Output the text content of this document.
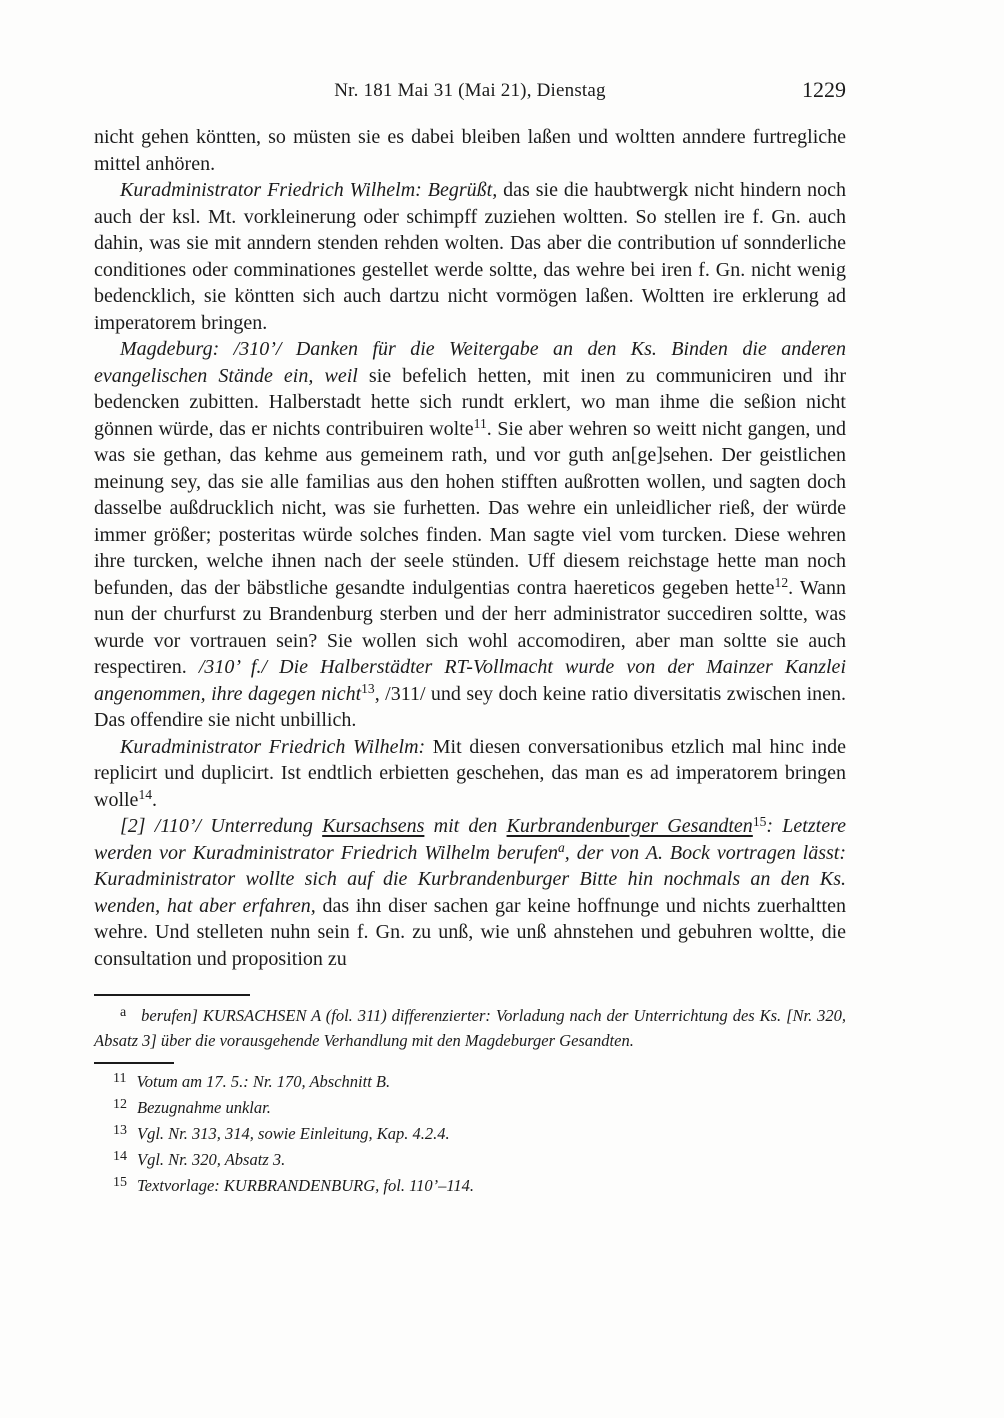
Nr. 181 Mai 31 (Mai 21), Dienstag	1229

nicht gehen köntten, so müsten sie es dabei bleiben laßen und woltten anndere furtregliche mittel anhören.

Kuradministrator Friedrich Wilhelm: Begrüßt, das sie die haubtwergk nicht hindern noch auch der ksl. Mt. vorkleinerung oder schimpff zuziehen woltten. So stellen ire f. Gn. auch dahin, was sie mit anndern stenden rehden wolten. Das aber die contribution uf sonnderliche conditiones oder comminationes gestellet werde soltte, das wehre bei iren f. Gn. nicht wenig bedencklich, sie köntten sich auch dartzu nicht vormögen laßen. Woltten ire erklerung ad imperatorem bringen.

Magdeburg: /310’/ Danken für die Weitergabe an den Ks. Binden die anderen evangelischen Stände ein, weil sie befelich hetten, mit inen zu communiciren und ihr bedencken zubitten. Halberstadt hette sich rundt erklert, wo man ihme die seßion nicht gönnen würde, das er nichts contribuiren wolte$^{11}$. Sie aber wehren so weitt nicht gangen, und was sie gethan, das kehme aus gemeinem rath, und vor guth an[ge]sehen. Der geistlichen meinung sey, das sie alle familias aus den hohen stifften außrotten wollen, und sagten doch dasselbe außdrucklich nicht, was sie furhetten. Das wehre ein unleidlicher rieß, der würde immer größer; posteritas würde solches finden. Man sagte viel vom turcken. Diese wehren ihre turcken, welche ihnen nach der seele stünden. Uff diesem reichstage hette man noch befunden, das der bäbstliche gesandte indulgentias contra haereticos gegeben hette$^{12}$. Wann nun der churfurst zu Brandenburg sterben und der herr administrator succediren soltte, was wurde vor vortrauen sein? Sie wollen sich wohl accomodiren, aber man soltte sie auch respectiren. /310’ f./ Die Halberstädter RT-Vollmacht wurde von der Mainzer Kanzlei angenommen, ihre dagegen nicht$^{13}$, /311/ und sey doch keine ratio diversitatis zwischen inen. Das offendire sie nicht unbillich.

Kuradministrator Friedrich Wilhelm: Mit diesen conversationibus etzlich mal hinc inde replicirt und duplicirt. Ist endtlich erbietten geschehen, das man es ad imperatorem bringen wolle$^{14}$.

[2] /110’/ Unterredung Kursachsens mit den Kurbrandenburger Gesandten$^{15}$: Letztere werden vor Kuradministrator Friedrich Wilhelm berufen$^a$, der von A. Bock vortragen lässt: Kuradministrator wollte sich auf die Kurbrandenburger Bitte hin nochmals an den Ks. wenden, hat aber erfahren, das ihn diser sachen gar keine hoffnunge und nichts zuerhaltten wehre. Und stelleten nuhn sein f. Gn. zu unß, wie unß ahnstehen und gebuhren woltte, die consultation und proposition zu

$^a$ berufen] KURSACHSEN A (fol. 311) differenzierter: Vorladung nach der Unterrichtung des Ks. [Nr. 320, Absatz 3] über die vorausgehende Verhandlung mit den Magdeburger Gesandten.

$^{11}$ Votum am 17. 5.: Nr. 170, Abschnitt B.

$^{12}$ Bezugnahme unklar.

$^{13}$ Vgl. Nr. 313, 314, sowie Einleitung, Kap. 4.2.4.

$^{14}$ Vgl. Nr. 320, Absatz 3.

$^{15}$ Textvorlage: KURBRANDENBURG, fol. 110’–114.
